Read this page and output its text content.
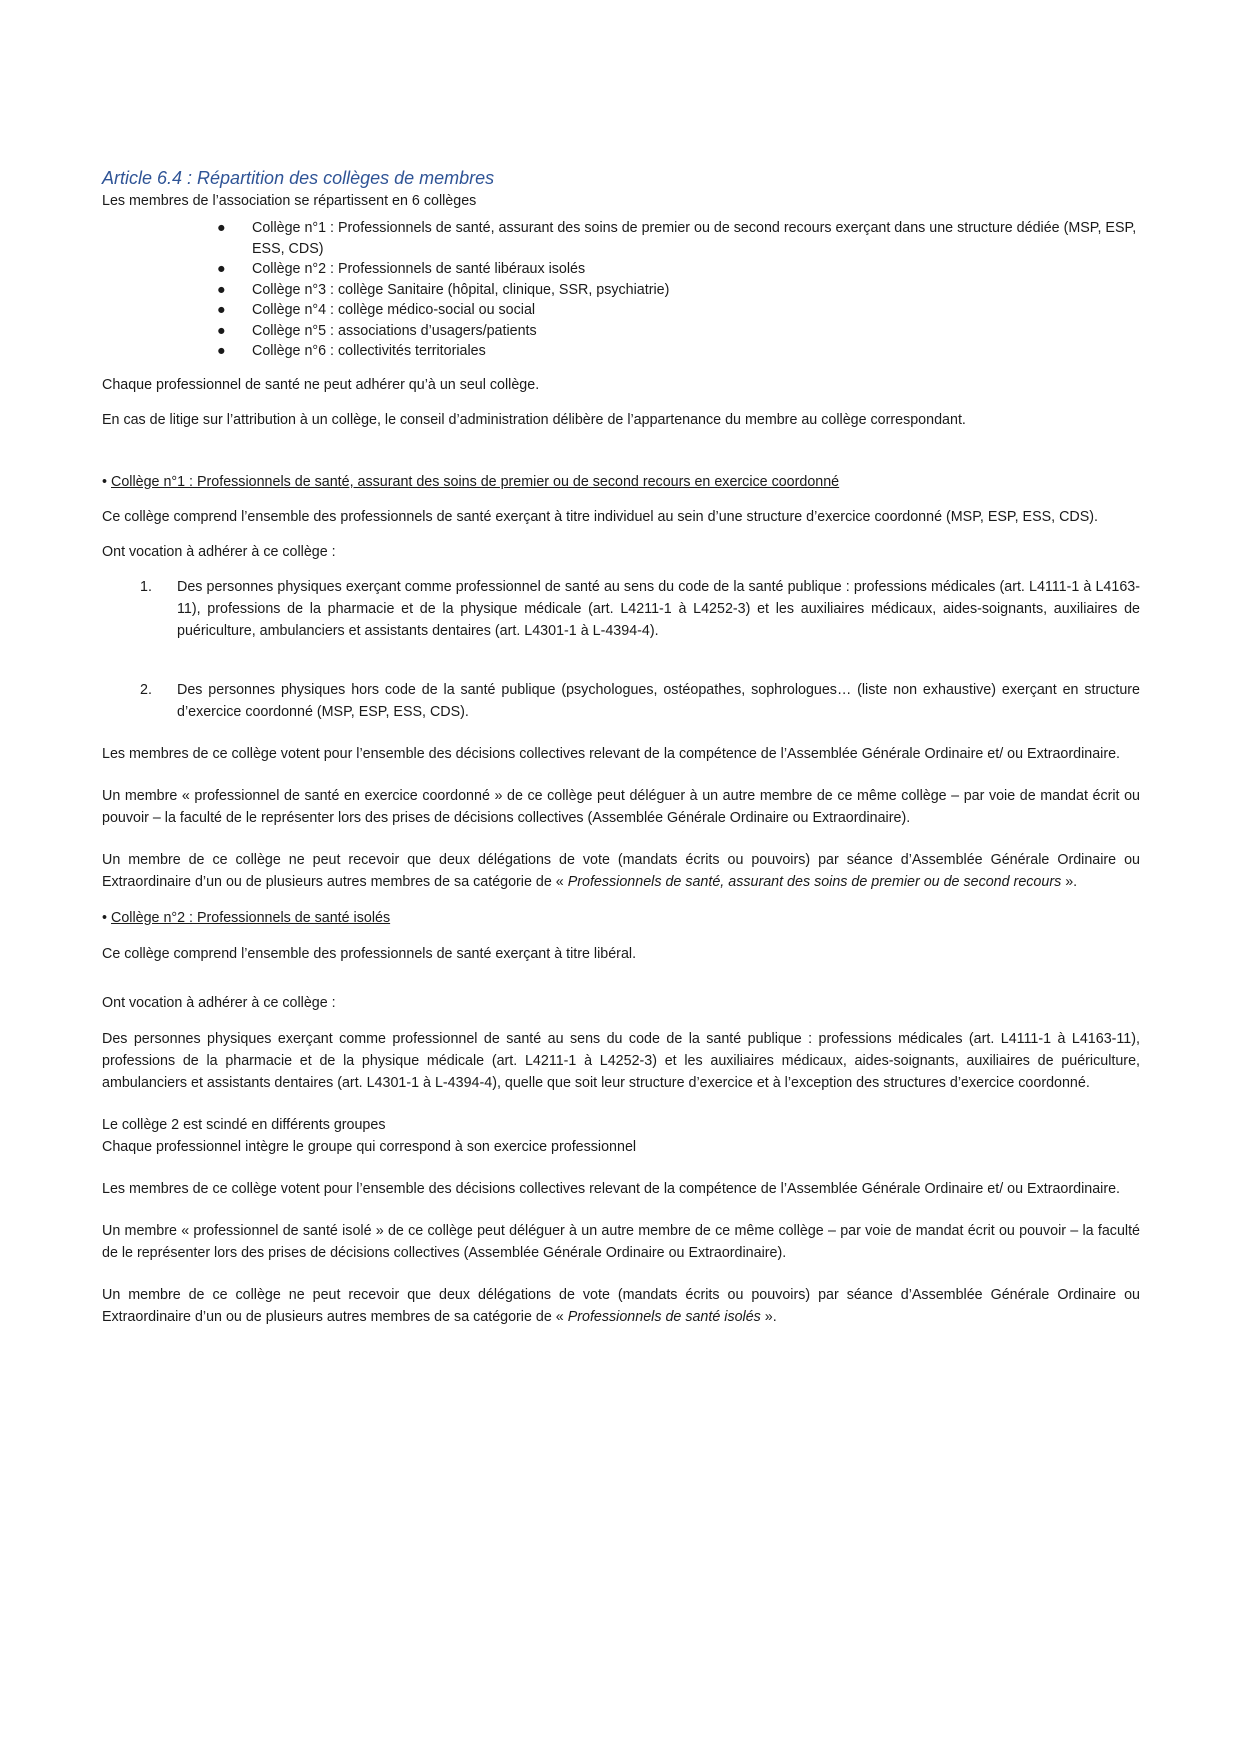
Article 6.4 : Répartition des collèges de membres

Les membres de l’association se répartissent en 6 collèges

● Collège n°1 : Professionnels de santé, assurant des soins de premier ou de second recours exerçant dans une structure dédiée (MSP, ESP, ESS, CDS)
● Collège n°2 : Professionnels de santé libéraux isolés
● Collège n°3 : collège Sanitaire (hôpital, clinique, SSR, psychiatrie)
● Collège n°4 : collège médico-social ou social
● Collège n°5 : associations d’usagers/patients
● Collège n°6 : collectivités territoriales

Chaque professionnel de santé ne peut adhérer qu’à un seul collège.

En cas de litige sur l’attribution à un collège, le conseil d’administration délibère de l’appartenance du membre au collège correspondant.

• Collège n°1 : Professionnels de santé, assurant des soins de premier ou de second recours en exercice coordonné

Ce collège comprend l’ensemble des professionnels de santé exerçant à titre individuel au sein d’une structure d’exercice coordonné (MSP, ESP, ESS, CDS).

Ont vocation à adhérer à ce collège :

1. Des personnes physiques exerçant comme professionnel de santé au sens du code de la santé publique : professions médicales (art. L4111-1 à L4163-11), professions de la pharmacie et de la physique médicale (art. L4211-1 à L4252-3) et les auxiliaires médicaux, aides-soignants, auxiliaires de puériculture, ambulanciers et assistants dentaires (art. L4301-1 à L-4394-4).
2. Des personnes physiques hors code de la santé publique (psychologues, ostéopathes, sophrologues… (liste non exhaustive) exerçant en structure d’exercice coordonné (MSP, ESP, ESS, CDS).

Les membres de ce collège votent pour l’ensemble des décisions collectives relevant de la compétence de l’Assemblée Générale Ordinaire et/ ou Extraordinaire.

Un membre « professionnel de santé en exercice coordonné » de ce collège peut déléguer à un autre membre de ce même collège – par voie de mandat écrit ou pouvoir – la faculté de le représenter lors des prises de décisions collectives (Assemblée Générale Ordinaire ou Extraordinaire).

Un membre de ce collège ne peut recevoir que deux délégations de vote (mandats écrits ou pouvoirs) par séance d’Assemblée Générale Ordinaire ou Extraordinaire d’un ou de plusieurs autres membres de sa catégorie de « Professionnels de santé, assurant des soins de premier ou de second recours ».

• Collège n°2 : Professionnels de santé isolés

Ce collège comprend l’ensemble des professionnels de santé exerçant à titre libéral.

Ont vocation à adhérer à ce collège :

Des personnes physiques exerçant comme professionnel de santé au sens du code de la santé publique : professions médicales (art. L4111-1 à L4163-11), professions de la pharmacie et de la physique médicale (art. L4211-1 à L4252-3) et les auxiliaires médicaux, aides-soignants, auxiliaires de puériculture, ambulanciers et assistants dentaires (art. L4301-1 à L-4394-4), quelle que soit leur structure d’exercice et à l’exception des structures d’exercice coordonné.

Le collège 2 est scindé en différents groupes

Chaque professionnel intègre le groupe qui correspond à son exercice professionnel

Les membres de ce collège votent pour l’ensemble des décisions collectives relevant de la compétence de l’Assemblée Générale Ordinaire et/ ou Extraordinaire.

Un membre « professionnel de santé isolé » de ce collège peut déléguer à un autre membre de ce même collège – par voie de mandat écrit ou pouvoir – la faculté de le représenter lors des prises de décisions collectives (Assemblée Générale Ordinaire ou Extraordinaire).

Un membre de ce collège ne peut recevoir que deux délégations de vote (mandats écrits ou pouvoirs) par séance d’Assemblée Générale Ordinaire ou Extraordinaire d’un ou de plusieurs autres membres de sa catégorie de « Professionnels de santé isolés ».
